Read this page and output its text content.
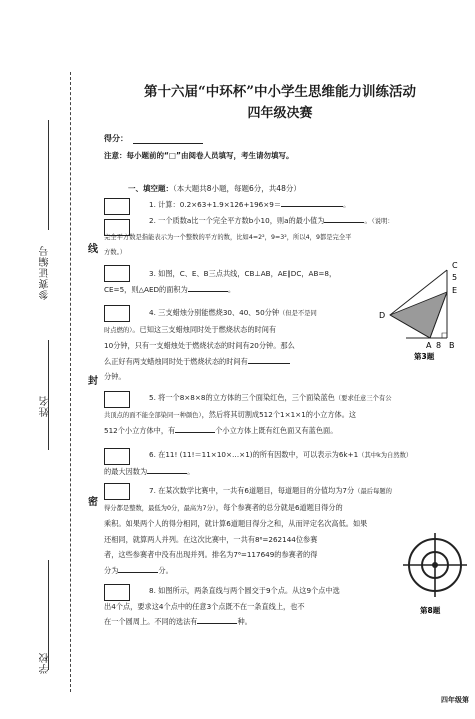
参赛证编号
姓名
学校
线
封
密
第十六届“中环杯”中小学生思维能力训练活动
四年级决赛
得分：
注意：每小题前的“□”由阅卷人员填写，考生请勿填写。
一、填空题：（本大题共8小题，每题6分，共48分）

1. 计算：0.2×63+1.9×126+196×9＝	。

2. 一个质数a比一个完全平方数b小10，则a的最小值为	。（说明：

完全平方数是指能表示为一个整数的平方的数，比如4=2²，9=3²，所以4，9都是完全平

方数。）

3. 如图，C、E、B三点共线，CB⊥AB，AE∥DC，AB=8，

CE=5，则△AED的面积为	。

C
5
E
D
A 8 B
第3题

4. 三支蜡烛分别能燃烧30、40、50分钟（但是不是同

时点燃的）。已知这三支蜡烛同时处于燃烧状态的时间有

10分钟，只有一支蜡烛处于燃烧状态的时间有20分钟。那么

么正好有两支蜡烛同时处于燃烧状态的时间有

分钟。

5. 将一个8×8×8的立方体的三个面染红色，三个面染蓝色（要求任意三个有公

共顶点的面不能全部染同一种颜色），然后将其切割成512个1×1×1的小立方体。这

512个小立方体中，有	个小立方体上既有红色面又有蓝色面。

6. 在11! (11!＝11×10×…×1)的所有因数中，可以表示为6k+1（其中k为自然数）

的最大因数为	。

7. 在某次数学比赛中，一共有6道题目，每道题目的分值均为7分（最后每题的

得分都是整数，最低为0分，最高为7分），每个参赛者的总分就是6道题目得分的

乘积。如果两个人的得分相同，就计算6道题目得分之和，从而评定名次高低。如果

还相同，就算两人并列。在这次比赛中，一共有8⁶=262144位参赛

者，这些参赛者中没有出现并列。排名为7⁶=117649的参赛者的得

分为	分。

第8题

8. 如图所示，两条直线与两个圆交于9个点。从这9个点中选

出4个点，要求这4个点中的任意3个点既不在一条直线上，也不

在一个圆周上。不同的选法有	种。

四年级第
